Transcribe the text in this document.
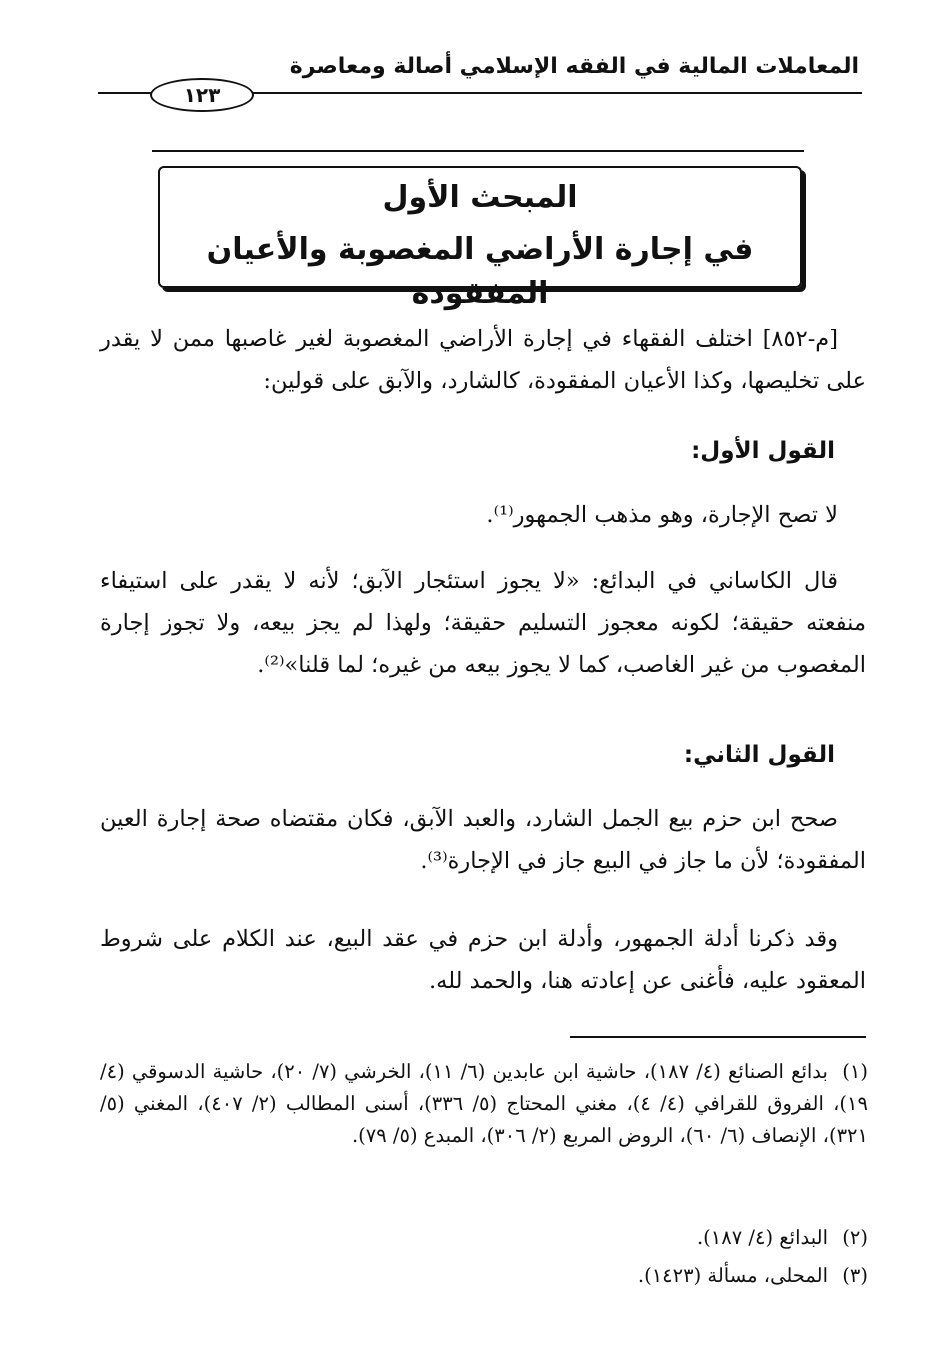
المعاملات المالية في الفقه الإسلامي أصالة ومعاصرة
١٢٣
المبحث الأول
في إجارة الأراضي المغصوبة والأعيان المفقودة
[م-٨٥٢] اختلف الفقهاء في إجارة الأراضي المغصوبة لغير غاصبها ممن لا يقدر على تخليصها، وكذا الأعيان المفقودة، كالشارد، والآبق على قولين:
القول الأول:
لا تصح الإجارة، وهو مذهب الجمهور⁽¹⁾.
قال الكاساني في البدائع: «لا يجوز استئجار الآبق؛ لأنه لا يقدر على استيفاء منفعته حقيقة؛ لكونه معجوز التسليم حقيقة؛ ولهذا لم يجز بيعه، ولا تجوز إجارة المغصوب من غير الغاصب، كما لا يجوز بيعه من غيره؛ لما قلنا»⁽²⁾.
القول الثاني:
صحح ابن حزم بيع الجمل الشارد، والعبد الآبق، فكان مقتضاه صحة إجارة العين المفقودة؛ لأن ما جاز في البيع جاز في الإجارة⁽³⁾.
وقد ذكرنا أدلة الجمهور، وأدلة ابن حزم في عقد البيع، عند الكلام على شروط المعقود عليه، فأغنى عن إعادته هنا، والحمد لله.
(١)بدائع الصنائع (٤/ ١٨٧)، حاشية ابن عابدين (٦/ ١١)، الخرشي (٧/ ٢٠)، حاشية الدسوقي (٤/ ١٩)، الفروق للقرافي (٤/ ٤)، مغني المحتاج (٥/ ٣٣٦)، أسنى المطالب (٢/ ٤٠٧)، المغني (٥/ ٣٢١)، الإنصاف (٦/ ٦٠)، الروض المربع (٢/ ٣٠٦)، المبدع (٥/ ٧٩).
(٢)البدائع (٤/ ١٨٧).
(٣)المحلى، مسألة (١٤٢٣).
